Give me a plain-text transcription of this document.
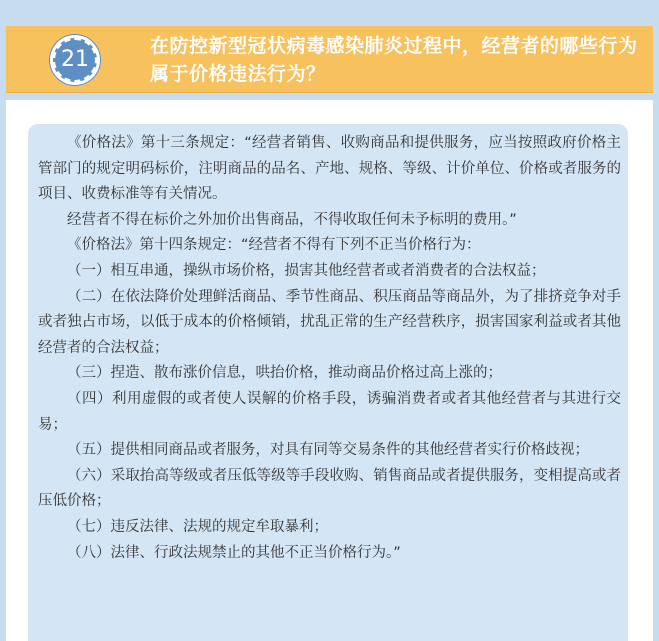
21
在防控新型冠状病毒感染肺炎过程中，经营者的哪些行为属于价格违法行为？

《价格法》第十三条规定：“经营者销售、收购商品和提供服务，应当按照政府价格主管部门的规定明码标价，注明商品的品名、产地、规格、等级、计价单位、价格或者服务的项目、收费标准等有关情况。

经营者不得在标价之外加价出售商品，不得收取任何未予标明的费用。”

《价格法》第十四条规定：“经营者不得有下列不正当价格行为：

（一）相互串通，操纵市场价格，损害其他经营者或者消费者的合法权益；

（二）在依法降价处理鲜活商品、季节性商品、积压商品等商品外，为了排挤竞争对手或者独占市场，以低于成本的价格倾销，扰乱正常的生产经营秩序，损害国家利益或者其他经营者的合法权益；

（三）捏造、散布涨价信息，哄抬价格，推动商品价格过高上涨的；

（四）利用虚假的或者使人误解的价格手段，诱骗消费者或者其他经营者与其进行交易；

（五）提供相同商品或者服务，对具有同等交易条件的其他经营者实行价格歧视；

（六）采取抬高等级或者压低等级等手段收购、销售商品或者提供服务，变相提高或者压低价格；

（七）违反法律、法规的规定牟取暴利；

（八）法律、行政法规禁止的其他不正当价格行为。”
